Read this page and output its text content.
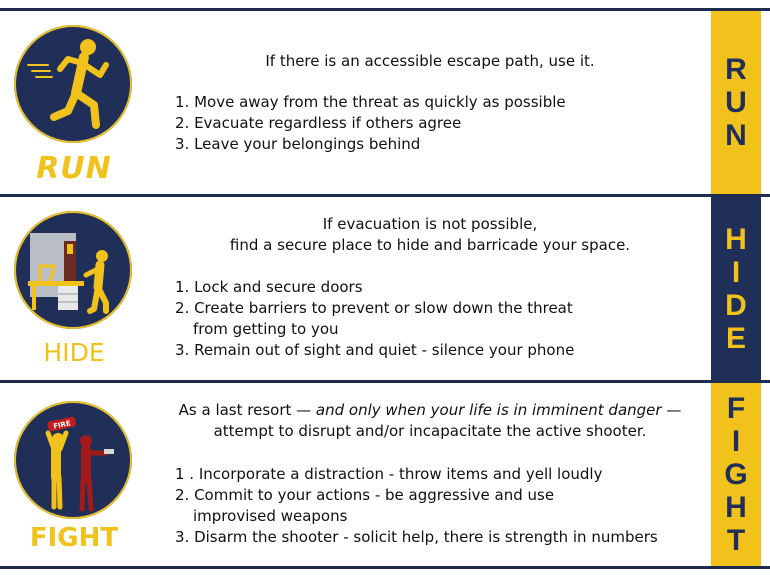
RUN
If there is an accessible escape path, use it.
1. Move away from the threat as quickly as possible
2. Evacuate regardless if others agree
3. Leave your belongings behind
R
U
N
HIDE
If evacuation is not possible,
find a secure place to hide and barricade your space.
1. Lock and secure doors
2. Create barriers to prevent or slow down the threat
from getting to you
3. Remain out of sight and quiet - silence your phone
H
I
D
E
FIRE
FIGHT
As a last resort — and only when your life is in imminent danger —
attempt to disrupt and/or incapacitate the active shooter.
1 . Incorporate a distraction - throw items and yell loudly
2. Commit to your actions - be aggressive and use
improvised weapons
3. Disarm the shooter - solicit help, there is strength in numbers
F
I
G
H
T
